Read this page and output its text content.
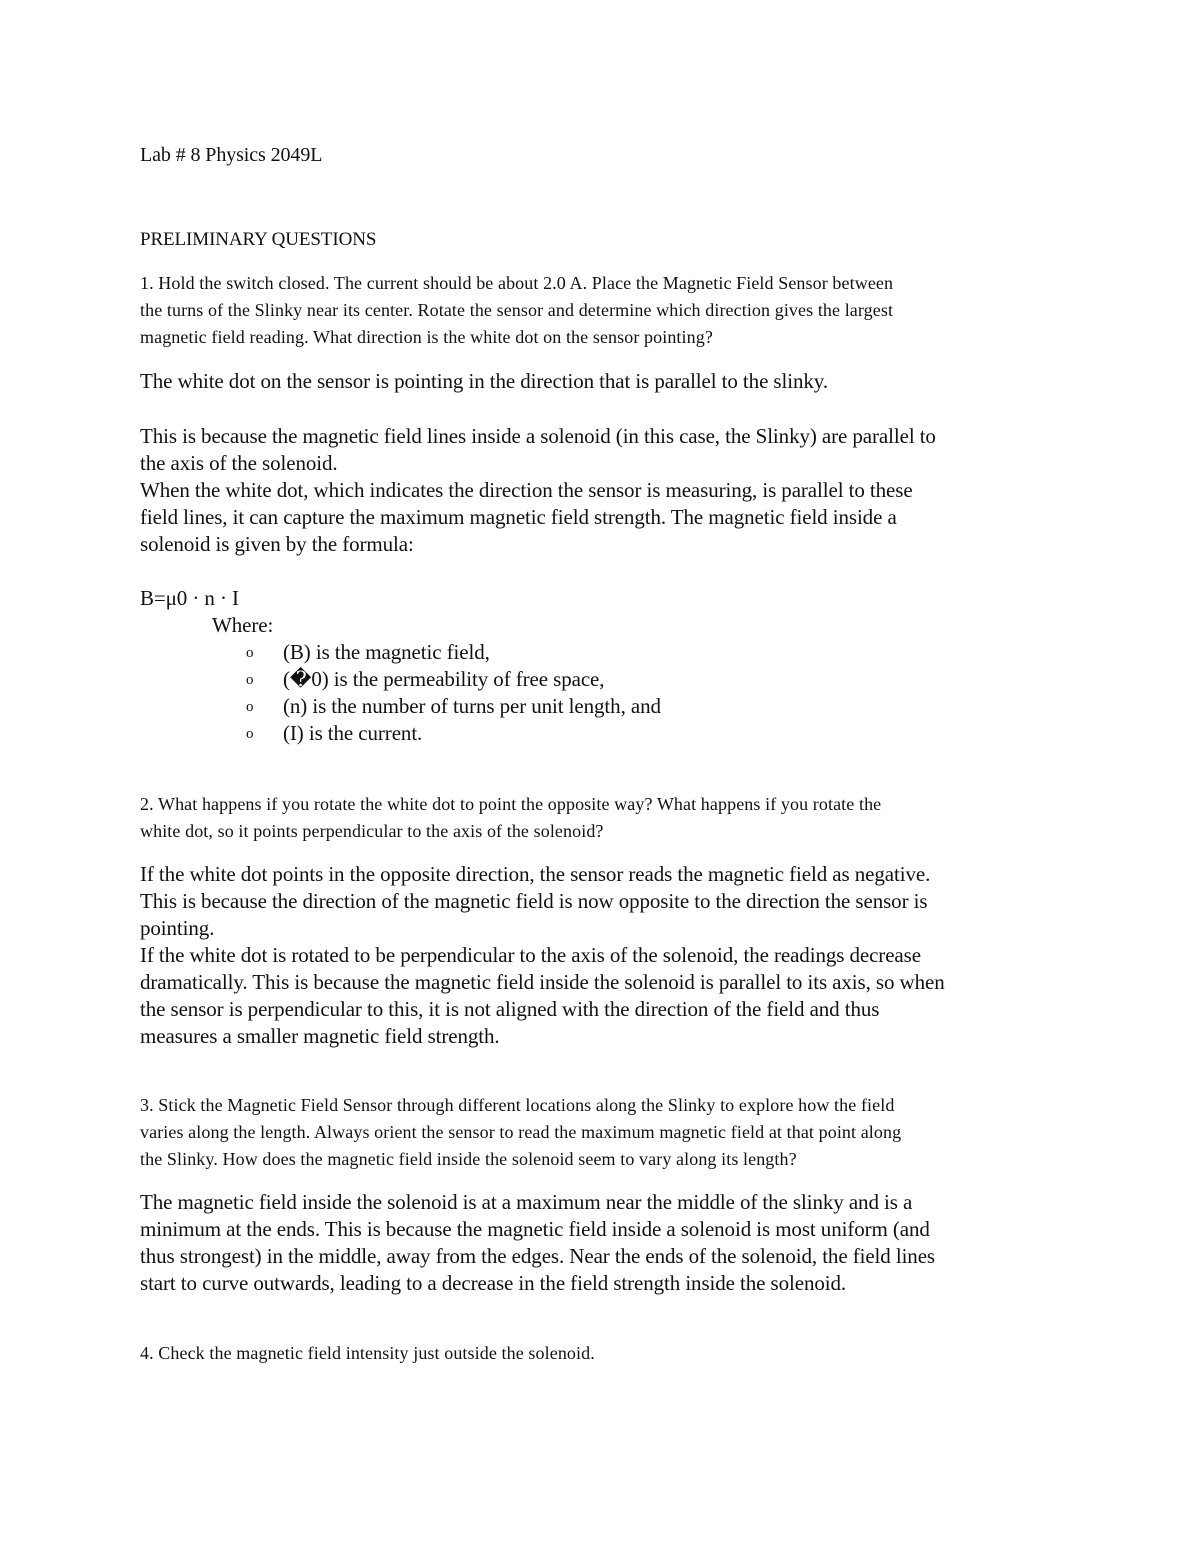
Lab # 8 Physics 2049L

PRELIMINARY QUESTIONS

1. Hold the switch closed. The current should be about 2.0 A. Place the Magnetic Field Sensor between

the turns of the Slinky near its center. Rotate the sensor and determine which direction gives the largest

magnetic field reading. What direction is the white dot on the sensor pointing?

The white dot on the sensor is pointing in the direction that is parallel to the slinky.

This is because the magnetic field lines inside a solenoid (in this case, the Slinky) are parallel to

the axis of the solenoid.

When the white dot, which indicates the direction the sensor is measuring, is parallel to these

field lines, it can capture the maximum magnetic field strength. The magnetic field inside a

solenoid is given by the formula:

B=μ0 · n · I

Where:

o (B) is the magnetic field,
o (�0) is the permeability of free space,
o (n) is the number of turns per unit length, and
o (I) is the current.

2. What happens if you rotate the white dot to point the opposite way? What happens if you rotate the

white dot, so it points perpendicular to the axis of the solenoid?

If the white dot points in the opposite direction, the sensor reads the magnetic field as negative.

This is because the direction of the magnetic field is now opposite to the direction the sensor is

pointing.

If the white dot is rotated to be perpendicular to the axis of the solenoid, the readings decrease

dramatically. This is because the magnetic field inside the solenoid is parallel to its axis, so when

the sensor is perpendicular to this, it is not aligned with the direction of the field and thus

measures a smaller magnetic field strength.

3. Stick the Magnetic Field Sensor through different locations along the Slinky to explore how the field

varies along the length. Always orient the sensor to read the maximum magnetic field at that point along

the Slinky. How does the magnetic field inside the solenoid seem to vary along its length?

The magnetic field inside the solenoid is at a maximum near the middle of the slinky and is a

minimum at the ends. This is because the magnetic field inside a solenoid is most uniform (and

thus strongest) in the middle, away from the edges. Near the ends of the solenoid, the field lines

start to curve outwards, leading to a decrease in the field strength inside the solenoid.

4. Check the magnetic field intensity just outside the solenoid.
